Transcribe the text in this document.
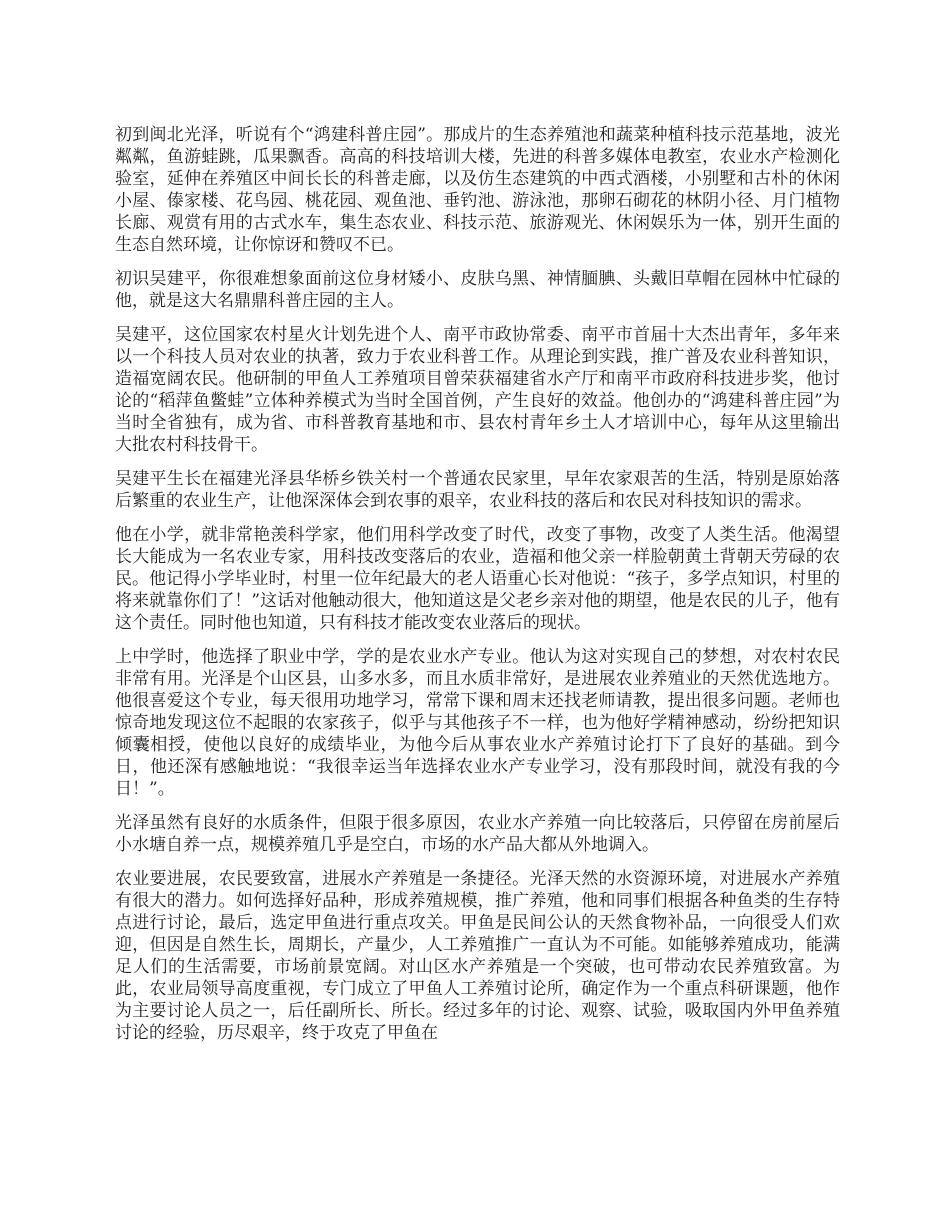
初到闽北光泽，听说有个“鸿建科普庄园”。那成片的生态养殖池和蔬菜种植科技示范基地，波光粼粼，鱼游蛙跳，瓜果飘香。高高的科技培训大楼，先进的科普多媒体电教室，农业水产检测化验室，延伸在养殖区中间长长的科普走廊，以及仿生态建筑的中西式酒楼，小别墅和古朴的休闲小屋、傣家楼、花鸟园、桃花园、观鱼池、垂钓池、游泳池，那卵石砌花的林阴小径、月门植物长廊、观赏有用的古式水车，集生态农业、科技示范、旅游观光、休闲娱乐为一体，别开生面的生态自然环境，让你惊讶和赞叹不已。

初识吴建平，你很难想象面前这位身材矮小、皮肤乌黑、神情腼腆、头戴旧草帽在园林中忙碌的他，就是这大名鼎鼎科普庄园的主人。

吴建平，这位国家农村星火计划先进个人、南平市政协常委、南平市首届十大杰出青年，多年来以一个科技人员对农业的执著，致力于农业科普工作。从理论到实践，推广普及农业科普知识，造福宽阔农民。他研制的甲鱼人工养殖项目曾荣获福建省水产厅和南平市政府科技进步奖，他讨论的“稻萍鱼鳖蛙”立体种养模式为当时全国首例，产生良好的效益。他创办的“鸿建科普庄园”为当时全省独有，成为省、市科普教育基地和市、县农村青年乡土人才培训中心，每年从这里输出大批农村科技骨干。

吴建平生长在福建光泽县华桥乡铁关村一个普通农民家里，早年农家艰苦的生活，特别是原始落后繁重的农业生产，让他深深体会到农事的艰辛，农业科技的落后和农民对科技知识的需求。

他在小学，就非常艳羡科学家，他们用科学改变了时代，改变了事物，改变了人类生活。他渴望长大能成为一名农业专家，用科技改变落后的农业，造福和他父亲一样脸朝黄土背朝天劳碌的农民。他记得小学毕业时，村里一位年纪最大的老人语重心长对他说：“孩子，多学点知识，村里的将来就靠你们了！”这话对他触动很大，他知道这是父老乡亲对他的期望，他是农民的儿子，他有这个责任。同时他也知道，只有科技才能改变农业落后的现状。

上中学时，他选择了职业中学，学的是农业水产专业。他认为这对实现自己的梦想，对农村农民非常有用。光泽是个山区县，山多水多，而且水质非常好，是进展农业养殖业的天然优选地方。他很喜爱这个专业，每天很用功地学习，常常下课和周末还找老师请教，提出很多问题。老师也惊奇地发现这位不起眼的农家孩子，似乎与其他孩子不一样，也为他好学精神感动，纷纷把知识倾囊相授，使他以良好的成绩毕业，为他今后从事农业水产养殖讨论打下了良好的基础。到今日，他还深有感触地说：“我很幸运当年选择农业水产专业学习，没有那段时间，就没有我的今日！”。

光泽虽然有良好的水质条件，但限于很多原因，农业水产养殖一向比较落后，只停留在房前屋后小水塘自养一点，规模养殖几乎是空白，市场的水产品大都从外地调入。

农业要进展，农民要致富，进展水产养殖是一条捷径。光泽天然的水资源环境，对进展水产养殖有很大的潜力。如何选择好品种，形成养殖规模，推广养殖，他和同事们根据各种鱼类的生存特点进行讨论，最后，选定甲鱼进行重点攻关。甲鱼是民间公认的天然食物补品，一向很受人们欢迎，但因是自然生长，周期长，产量少，人工养殖推广一直认为不可能。如能够养殖成功，能满足人们的生活需要，市场前景宽阔。对山区水产养殖是一个突破，也可带动农民养殖致富。为此，农业局领导高度重视，专门成立了甲鱼人工养殖讨论所，确定作为一个重点科研课题，他作为主要讨论人员之一，后任副所长、所长。经过多年的讨论、观察、试验，吸取国内外甲鱼养殖讨论的经验，历尽艰辛，终于攻克了甲鱼在
